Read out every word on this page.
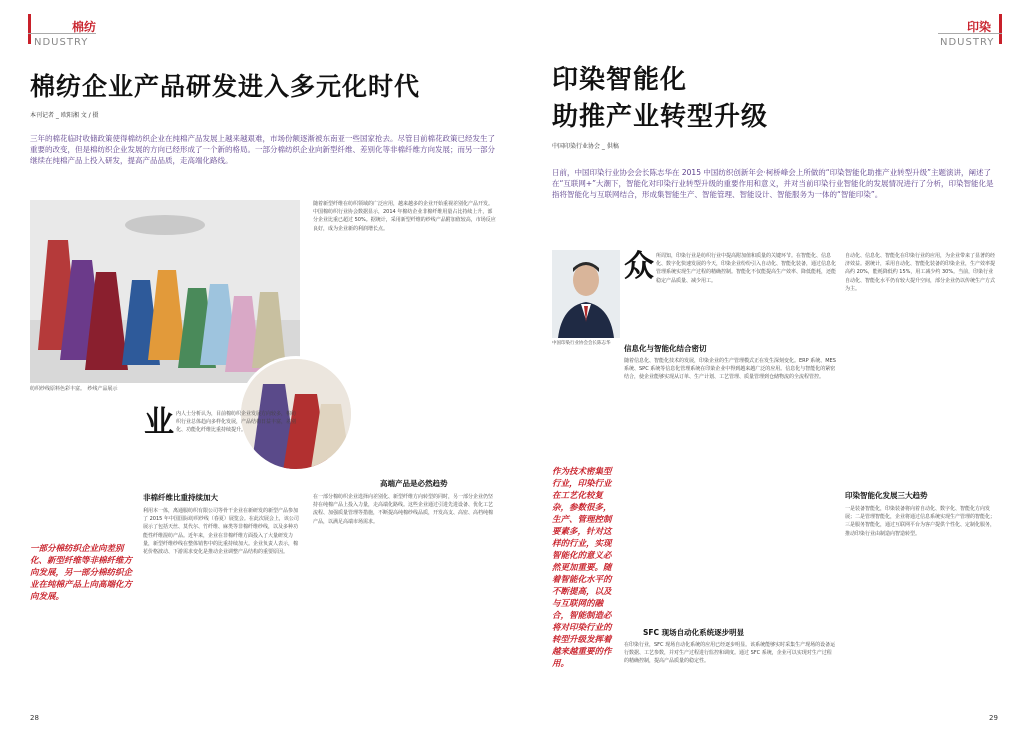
棉纺
NDUSTRY
棉纺企业产品研发进入多元化时代
本刊记者 _ 欧阳湘 文 / 摄
三年的棉花临时收储政策使得棉纺织企业在纯棉产品发展上越来越艰难，市场份额逐渐被东南亚一些国家抢去。尽管目前棉花政策已经发生了重要的改变，但是棉纺织企业发展的方向已经形成了一个新的格局。一部分棉纺织企业向新型纤维、差别化等非棉纤维方向发展；而另一部分继续在纯棉产品上投入研发，提高产品品质，走高端化路线。
纺织纱线原料色彩丰富。　纱线产品展示
业 内人士分析认为，目前棉纺织企业发展方向较多，棉纺织行业总体趋向多样化发展，产品结构日益丰富，差别化、功能化纤维比重持续提升。
非棉纤维比重持续加大
利用本一体，离通服纺织有限公司等骨干企业在新研发的新型产品参加了 2015 年中国国际纺织纱线（春夏）展览会。在此次展会上，该公司展示了包括天丝、莫代尔、竹纤维、麻类等非棉纤维纱线，以及多种功能性纤维混纺产品。近年来，企业在非棉纤维方面投入了大量研发力量，新型纤维纱线在整体销售中的比重持续加大。企业负责人表示，棉花价格波动、下游需求变化是推动企业调整产品结构的重要原因。
一部分棉纺织企业向差别化、新型纤维等非棉纤维方向发展，另一部分棉纺织企业在纯棉产品上向高端化方向发展。
随着新型纤维在纺织领域的广泛应用，越来越多的企业开始重视差别化产品开发。中国棉纺织行业协会数据显示，2014 年棉纺企业非棉纤维用量占比持续上升，部分企业比重已超过 50%。据统计，采用新型纤维的纱线产品附加值较高，市场反应良好，成为企业新的利润增长点。
高端产品是必然趋势
在一部分棉纺织企业选择向差别化、新型纤维方向转型的同时，另一部分企业仍坚持在纯棉产品上投入力量，走高端化路线。这些企业通过引进先进设备、优化工艺流程、加强质量管理等措施，不断提高纯棉纱线品质，开发高支、高密、高档纯棉产品，以满足高端市场需求。
28
印染
NDUSTRY
印染智能化
助推产业转型升级
中国印染行业协会 _ 供稿
日前，中国印染行业协会会长陈志华在 2015 中国纺织创新年会·柯桥峰会上所做的“印染智能化助推产业转型升级”主题演讲，阐述了在“互联网+”大潮下，智能化对印染行业转型升级的重要作用和意义，并对当前印染行业智能化的发展情况进行了分析，印染智能化是指将智能化与互联网结合，形成集智能生产、智能管理、智能设计、智能服务为一体的“智能印染”。
中国印染行业协会会长陈志华
众 所周知，印染行业是纺织行业中提高附加值和质量的关键环节。在智能化、信息化、数字化快速发展的今天，印染企业纷纷引入自动化、智能化装备，通过信息化管理系统实现生产过程的精确控制。智能化不仅能提高生产效率、降低能耗，还能稳定产品质量、减少用工。
信息化与智能化结合密切
随着信息化、智能化技术的发展，印染企业的生产管理模式正在发生深刻变化。ERP 系统、MES 系统、SPC 系统等信息化管理系统在印染企业中得到越来越广泛的应用。信息化与智能化的紧密结合，使企业能够实现从订单、生产计划、工艺管理、质量管理到仓储物流的全流程管控。
作为技术密集型行业，印染行业在工艺化较复杂，参数很多，生产、管理控制要素多，针对这样的行业，实现智能化的意义必然更加重要。随着智能化水平的不断提高，以及与互联网的融合，智能制造必将对印染行业的转型升级发挥着越来越重要的作用。
SFC 现场自动化系统逐步明显
在印染行业，SFC 现场自动化系统的应用已经逐步明显。该系统能够实时采集生产现场的设备运行数据、工艺参数，并对生产过程进行监控和调度。通过 SFC 系统，企业可以实现对生产过程的精确控制，提高产品质量的稳定性。
自动化、信息化、智能化在印染行业的应用，为企业带来了显著的经济效益。据统计，采用自动化、智能化装备的印染企业，生产效率提高约 20%，能耗降低约 15%，用工减少约 30%。当前，印染行业自动化、智能化水平仍有较大提升空间，部分企业仍以传统生产方式为主。
印染智能化发展三大趋势
一是装备智能化，印染装备将向着自动化、数字化、智能化方向发展；二是管理智能化，企业将通过信息系统实现生产管理的智能化；三是服务智能化，通过互联网平台为客户提供个性化、定制化服务，推动印染行业由制造向智造转型。
29
